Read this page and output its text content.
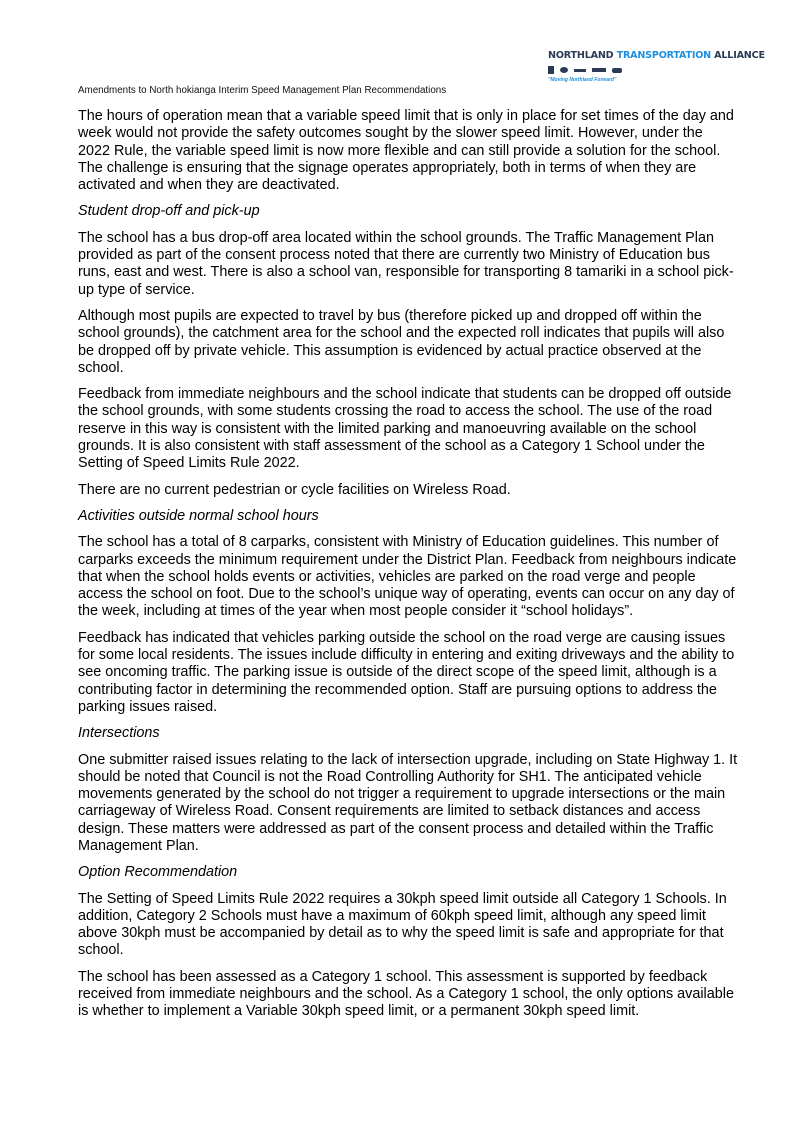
NORTHLAND TRANSPORTATION ALLIANCE
"Moving Northland Forward"
Amendments to North hokianga Interim Speed Management Plan Recommendations

The hours of operation mean that a variable speed limit that is only in place for set times of the day and week would not provide the safety outcomes sought by the slower speed limit. However, under the 2022 Rule, the variable speed limit is now more flexible and can still provide a solution for the school. The challenge is ensuring that the signage operates appropriately, both in terms of when they are activated and when they are deactivated.

Student drop-off and pick-up

The school has a bus drop-off area located within the school grounds. The Traffic Management Plan provided as part of the consent process noted that there are currently two Ministry of Education bus runs, east and west. There is also a school van, responsible for transporting 8 tamariki in a school pick-up type of service.

Although most pupils are expected to travel by bus (therefore picked up and dropped off within the school grounds), the catchment area for the school and the expected roll indicates that pupils will also be dropped off by private vehicle. This assumption is evidenced by actual practice observed at the school.

Feedback from immediate neighbours and the school indicate that students can be dropped off outside the school grounds, with some students crossing the road to access the school. The use of the road reserve in this way is consistent with the limited parking and manoeuvring available on the school grounds. It is also consistent with staff assessment of the school as a Category 1 School under the Setting of Speed Limits Rule 2022.

There are no current pedestrian or cycle facilities on Wireless Road.

Activities outside normal school hours

The school has a total of 8 carparks, consistent with Ministry of Education guidelines. This number of carparks exceeds the minimum requirement under the District Plan. Feedback from neighbours indicate that when the school holds events or activities, vehicles are parked on the road verge and people access the school on foot. Due to the school’s unique way of operating, events can occur on any day of the week, including at times of the year when most people consider it “school holidays”.

Feedback has indicated that vehicles parking outside the school on the road verge are causing issues for some local residents. The issues include difficulty in entering and exiting driveways and the ability to see oncoming traffic. The parking issue is outside of the direct scope of the speed limit, although is a contributing factor in determining the recommended option. Staff are pursuing options to address the parking issues raised.

Intersections

One submitter raised issues relating to the lack of intersection upgrade, including on State Highway 1. It should be noted that Council is not the Road Controlling Authority for SH1. The anticipated vehicle movements generated by the school do not trigger a requirement to upgrade intersections or the main carriageway of Wireless Road. Consent requirements are limited to setback distances and access design. These matters were addressed as part of the consent process and detailed within the Traffic Management Plan.

Option Recommendation

The Setting of Speed Limits Rule 2022 requires a 30kph speed limit outside all Category 1 Schools. In addition, Category 2 Schools must have a maximum of 60kph speed limit, although any speed limit above 30kph must be accompanied by detail as to why the speed limit is safe and appropriate for that school.

The school has been assessed as a Category 1 school. This assessment is supported by feedback received from immediate neighbours and the school. As a Category 1 school, the only options available is whether to implement a Variable 30kph speed limit, or a permanent 30kph speed limit.
